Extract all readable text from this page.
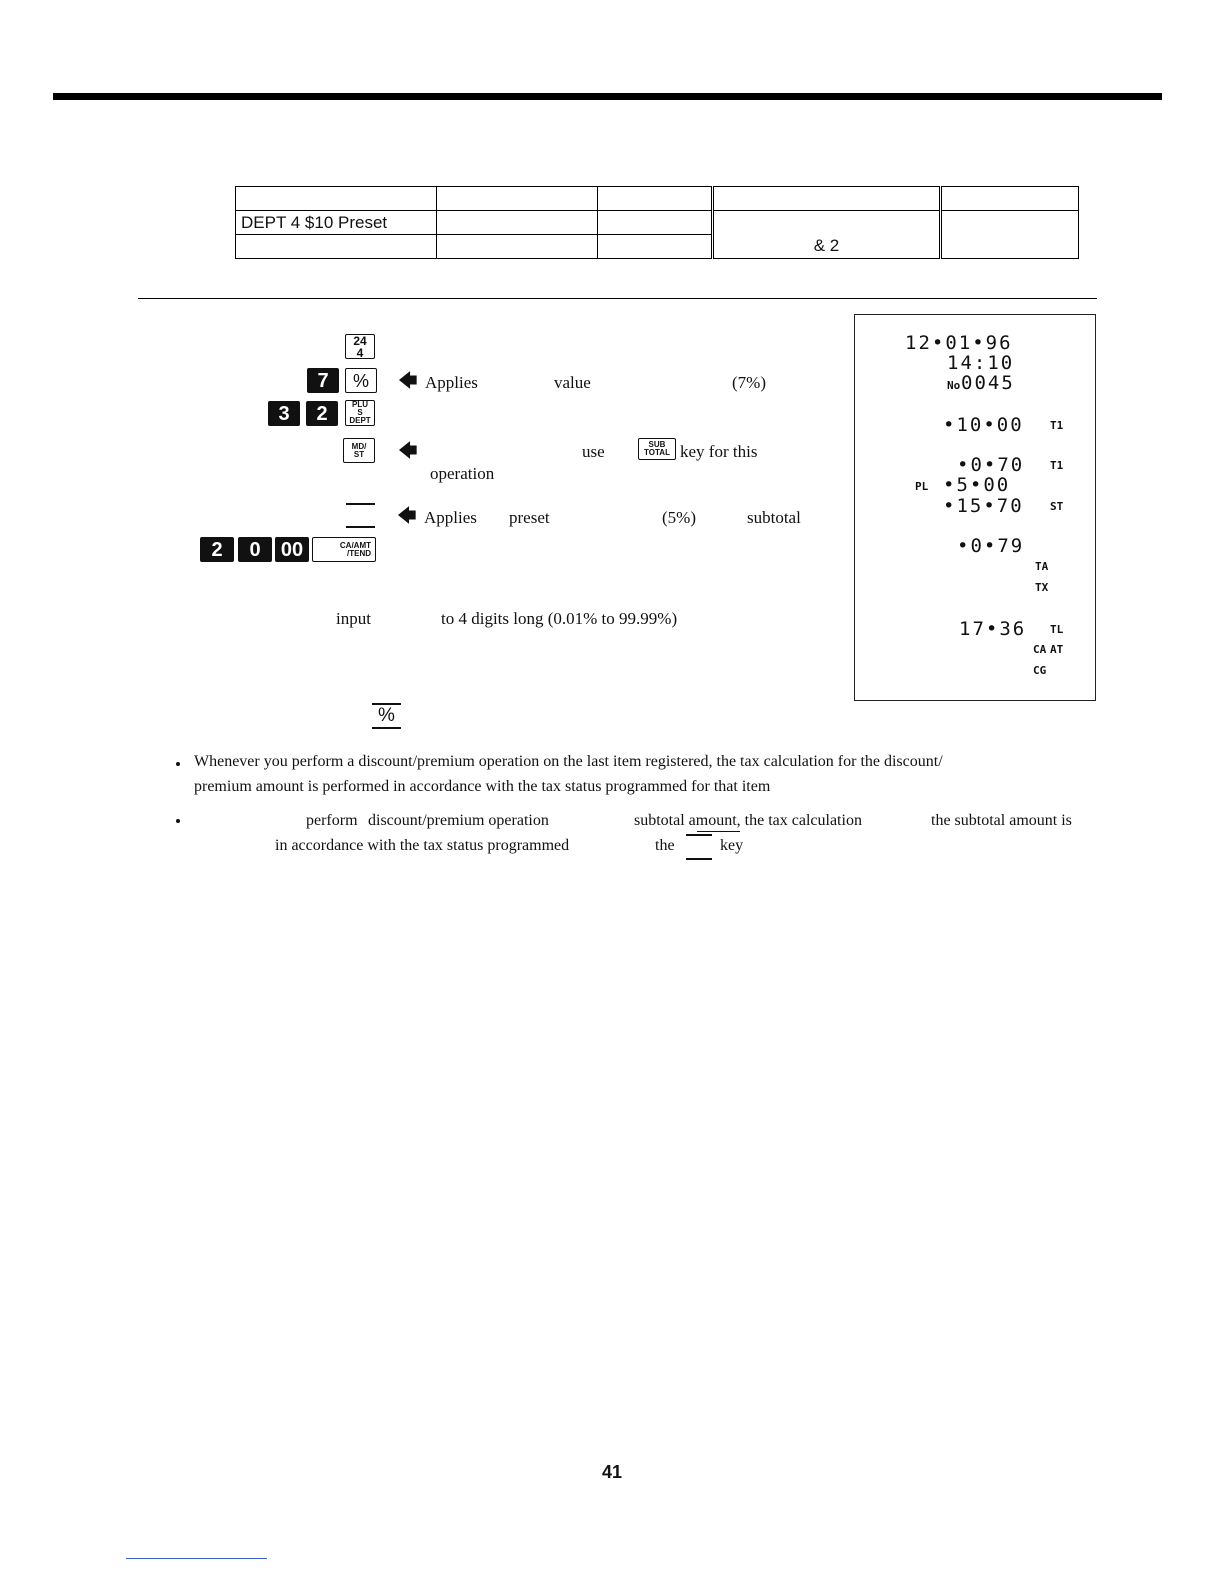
DEPT 4 $10 Preset			& 2	

24
4
7	%	🡄 Applies	value	(7%)
3	2	PLU
S DEPT
MD/
ST 🡄	use	SUB
TOTAL key for this
operation
🡄 Applies preset	(5%)	subtotal
2	0	00	CA/AMT
/TEND
input	to 4 digits long (0.01% to 99.99%)
%
12•01•96
14:10
No 0045
•10•00 T1
•0•70 T1
PL •5•00
•15•70 ST
•0•79
TA
TX
17•36 TL
CA AT
CG
Whenever you perform a discount/premium operation on the last item registered, the tax calculation for the discount/
premium amount is performed in accordance with the tax status programmed for that item
perform discount/premium operation	subtotal amount, the tax calculation	the subtotal amount is
in accordance with the tax status programmed	the	key
41
